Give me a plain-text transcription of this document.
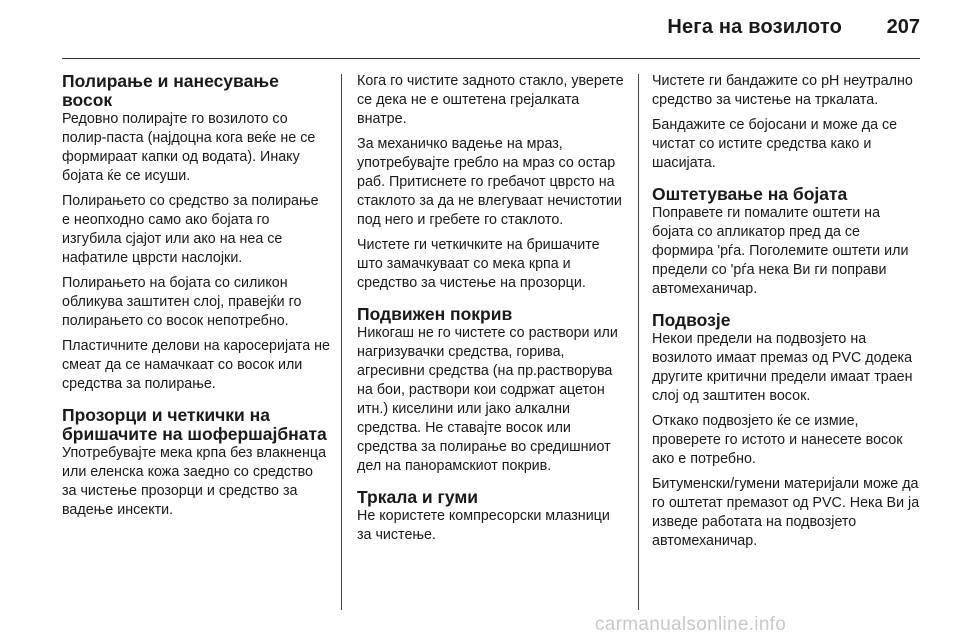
Нега на возилото 207
Полирање и нанесување восок

Редовно полирајте го возилото со полир-паста (најдоцна кога веќе не се формираат капки од водата). Инаку бојата ќе се исуши.

Полирањето со средство за полирање е неопходно само ако бојата го изгубила сјајот или ако на неа се нафатиле цврсти наслојки.

Полирањето на бојата со силикон обликува заштитен слој, правејќи го полирањето со восок непотребно.

Пластичните делови на каросеријата не смеат да се намачкаат со восок или средства за полирање.

Прозорци и четкички на бришачите на шофершајбната

Употребувајте мека крпа без влакненца или еленска кожа заедно со средство за чистење прозорци и средство за вадење инсекти.

Кога го чистите задното стакло, уверете се дека не е оштетена грејалката внатре.

За механичко вадење на мраз, употребувајте гребло на мраз со остар раб. Притиснете го гребачот цврсто на стаклото за да не влегуваат нечистотии под него и гребете го стаклото.

Чистете ги четкичките на бришачите што замачкуваат со мека крпа и средство за чистење на прозорци.

Подвижен покрив

Никогаш не го чистете со раствори или нагризувачки средства, горива, агресивни средства (на пр.растворува на бои, раствори кои содржат ацетон итн.) киселини или јако алкални средства. Не ставајте восок или средства за полирање во средишниот дел на панорамскиот покрив.

Тркала и гуми

Не користете компресорски млазници за чистење.

Чистете ги бандажите со pH неутрално средство за чистење на тркалата.

Бандажите се бојосани и може да се чистат со истите средства како и шасијата.

Оштетување на бојата

Поправете ги помалите оштети на бојата со апликатор пред да се формира 'рѓа. Поголемите оштети или предели со 'рѓа нека Ви ги поправи автомеханичар.

Подвозје

Некои предели на подвозјето на возилото имаат премаз од PVC додека другите критични предели имаат траен слој од заштитен восок.

Откако подвозјето ќе се измие, проверете го истото и нанесете восок ако е потребно.

Битуменски/гумени материјали може да го оштетат премазот од PVC. Нека Ви ја изведе работата на подвозјето автомеханичар.

carmanualsonline.info
